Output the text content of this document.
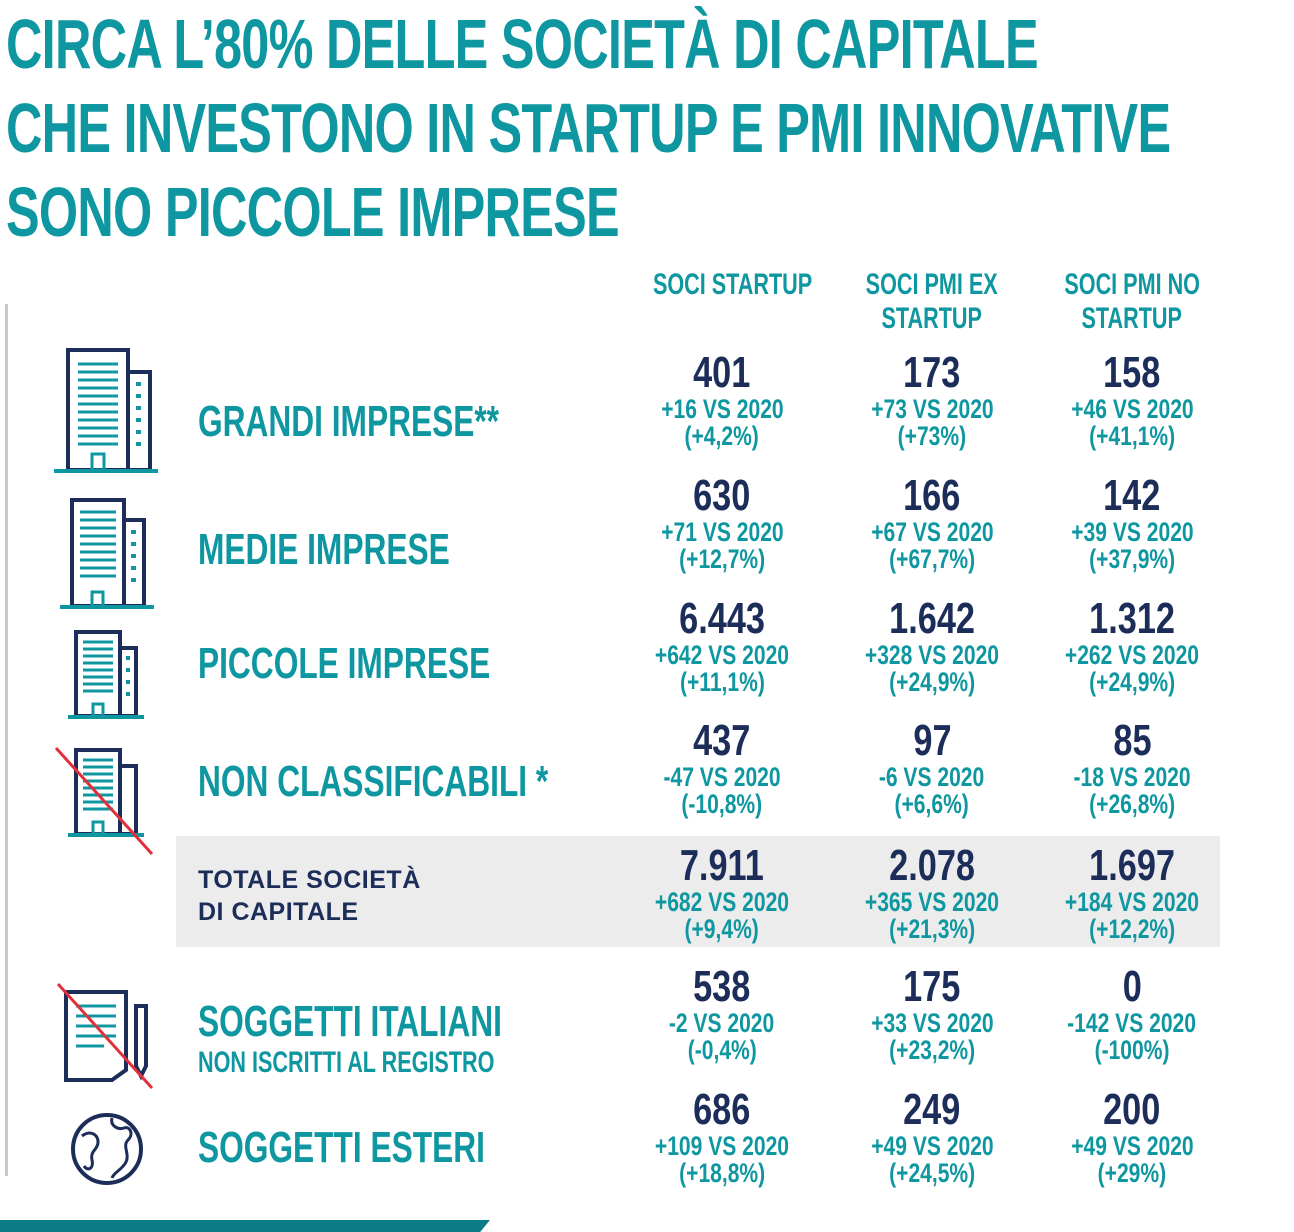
CIRCA L’80% DELLE SOCIETÀ DI CAPITALE
CHE INVESTONO IN STARTUP E PMI INNOVATIVE
SONO PICCOLE IMPRESE
SOCI STARTUP	SOCI PMI EX
STARTUP
SOCI PMI NO
STARTUP
GRANDI IMPRESE**
MEDIE IMPRESE
PICCOLE IMPRESE
NON CLASSIFICABILI *
TOTALE SOCIETÀ
DI CAPITALE
SOGGETTI ITALIANI
NON ISCRITTI AL REGISTRO
SOGGETTI ESTERI
401
+16 VS 2020
(+4,2%)
173
+73 VS 2020
(+73%)
158
+46 VS 2020
(+41,1%)
630
+71 VS 2020
(+12,7%)
166
+67 VS 2020
(+67,7%)
142
+39 VS 2020
(+37,9%)
6.443
+642 VS 2020
(+11,1%)
1.642
+328 VS 2020
(+24,9%)
1.312
+262 VS 2020
(+24,9%)
437
-47 VS 2020
(-10,8%)
97
-6 VS 2020
(+6,6%)
85
-18 VS 2020
(+26,8%)
7.911
+682 VS 2020
(+9,4%)
2.078
+365 VS 2020
(+21,3%)
1.697
+184 VS 2020
(+12,2%)
538
-2 VS 2020
(-0,4%)
175
+33 VS 2020
(+23,2%)
0
-142 VS 2020
(-100%)
686
+109 VS 2020
(+18,8%)
249
+49 VS 2020
(+24,5%)
200
+49 VS 2020
(+29%)
